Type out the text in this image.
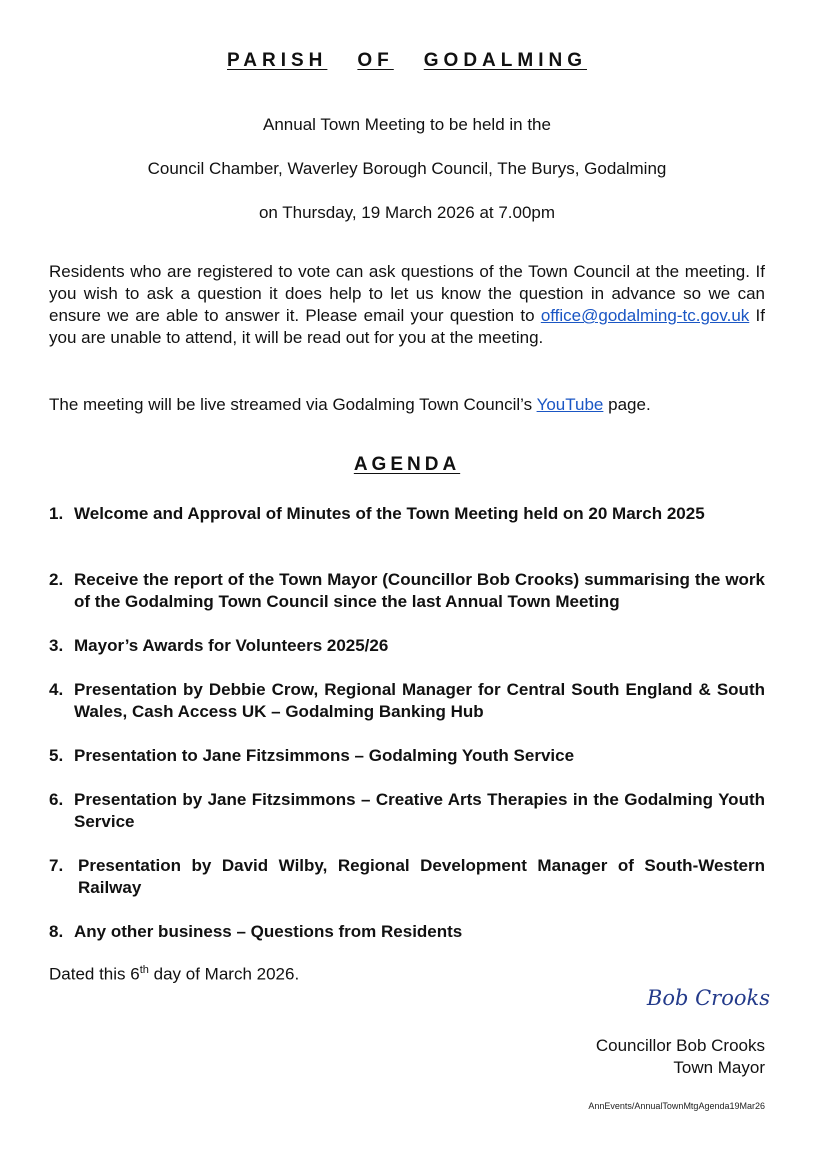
PARISH OF GODALMING
Annual Town Meeting to be held in the
Council Chamber, Waverley Borough Council, The Burys, Godalming
on Thursday, 19 March 2026 at 7.00pm
Residents who are registered to vote can ask questions of the Town Council at the meeting. If you wish to ask a question it does help to let us know the question in advance so we can ensure we are able to answer it. Please email your question to office@godalming-tc.gov.uk If you are unable to attend, it will be read out for you at the meeting.
The meeting will be live streamed via Godalming Town Council’s YouTube page.
AGENDA
1. Welcome and Approval of Minutes of the Town Meeting held on 20 March 2025
2. Receive the report of the Town Mayor (Councillor Bob Crooks) summarising the work of the Godalming Town Council since the last Annual Town Meeting
3. Mayor’s Awards for Volunteers 2025/26
4. Presentation by Debbie Crow, Regional Manager for Central South England & South Wales, Cash Access UK – Godalming Banking Hub
5. Presentation to Jane Fitzsimmons – Godalming Youth Service
6. Presentation by Jane Fitzsimmons – Creative Arts Therapies in the Godalming Youth Service
7. Presentation by David Wilby, Regional Development Manager of South-Western Railway
8. Any other business – Questions from Residents
Dated this 6th day of March 2026.
Bob Crooks
Councillor Bob Crooks
Town Mayor
AnnEvents/AnnualTownMtgAgenda19Mar26
